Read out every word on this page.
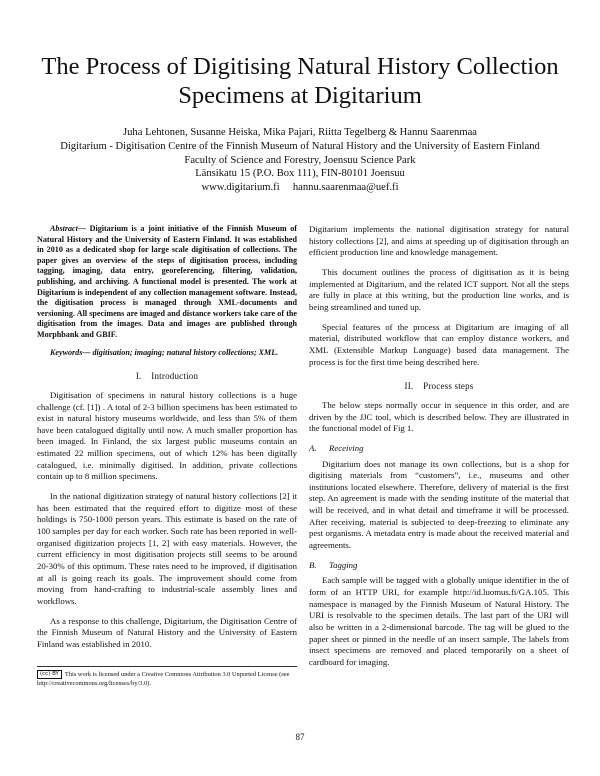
The Process of Digitising Natural History Collection
Specimens at Digitarium
Juha Lehtonen, Susanne Heiska, Mika Pajari, Riitta Tegelberg & Hannu Saarenmaa
Digitarium - Digitisation Centre of the Finnish Museum of Natural History and the University of Eastern Finland
Faculty of Science and Forestry, Joensuu Science Park
Länsikatu 15 (P.O. Box 111), FIN-80101 Joensuu
www.digitarium.fi     hannu.saarenmaa@uef.fi

Abstract— Digitarium is a joint initiative of the Finnish Museum of Natural History and the University of Eastern Finland. It was established in 2010 as a dedicated shop for large scale digitisation of collections. The paper gives an overview of the steps of digitisation process, including tagging, imaging, data entry, georeferencing, filtering, validation, publishing, and archiving. A functional model is presented. The work at Digitarium is independent of any collection management software. Instead, the digitisation process is managed through XML-documents and versioning. All specimens are imaged and distance workers take care of the digitisation from the images. Data and images are published through Morphbank and GBIF.

Keywords— digitisation; imaging; natural history collections; XML.

I.    Introduction

Digitisation of specimens in natural history collections is a huge challenge (cf. [1]) . A total of 2-3 billion specimens has been estimated to exist in natural history museums worldwide, and less than 5% of them have been catalogued digitally until now. A much smaller proportion has been imaged. In Finland, the six largest public museums contain an estimated 22 million specimens, out of which 12% has been digitally catalogued, i.e. minimally digitised. In addition, private collections contain up to 8 million specimens.

In the national digitization strategy of natural history collections [2] it has been estimated that the required effort to digitize most of these holdings is 750-1000 person years. This estimate is based on the rate of 100 samples per day for each worker. Such rate has been reported in well-organised digitization projects [1, 2] with easy materials. However, the current efficiency in most digitisation projects still seems to be around 20-30% of this optimum. These rates need to be improved, if digitisation at all is going reach its goals. The improvement should come from moving from hand-crafting to industrial-scale assembly lines and workflows.

As a response to this challenge, Digitarium, the Digitisation Centre of the Finnish Museum of Natural History and the University of Eastern Finland was established in 2010.

(cc) BY This work is licensed under a Creative Commons Attribution 3.0 Unported License (see http://creativecommons.org/licenses/by/3.0).

Digitarium implements the national digitisation strategy for natural history collections [2], and aims at speeding up of digitisation through an efficient production line and knowledge management.

This document outlines the process of digitisation as it is being implemented at Digitarium, and the related ICT support. Not all the steps are fully in place at this writing, but the production line works, and is being streamlined and tuned up.

Special features of the process at Digitarium are imaging of all material, distributed workflow that can employ distance workers, and XML (Extensible Markup Language) based data management. The process is for the first time being described here.

II.    Process steps

The below steps normally occur in sequence in this order, and are driven by the JJC tool, which is described below. They are illustrated in the functional model of Fig 1.

A. Receiving

Digitarium does not manage its own collections, but is a shop for digitising materials from “customers”, i.e., museums and other institutions located elsewhere. Therefore, delivery of material is the first step. An agreement is made with the sending institute of the material that will be received, and in what detail and timeframe it will be processed. After receiving, material is subjected to deep-freezing to eliminate any pest organisms. A metadata entry is made about the received material and agreements.

B. Tagging

Each sample will be tagged with a globally unique identifier in the of form of an HTTP URI, for example http://id.luomus.fi/GA.105. This namespace is managed by the Finnish Museum of Natural History. The URI is resolvable to the specimen details. The last part of the URI will also be written in a 2-dimensional barcode. The tag will be glued to the paper sheet or pinned in the needle of an insect sample. The labels from insect specimens are removed and placed temporarily on a sheet of cardboard for imaging.

87
